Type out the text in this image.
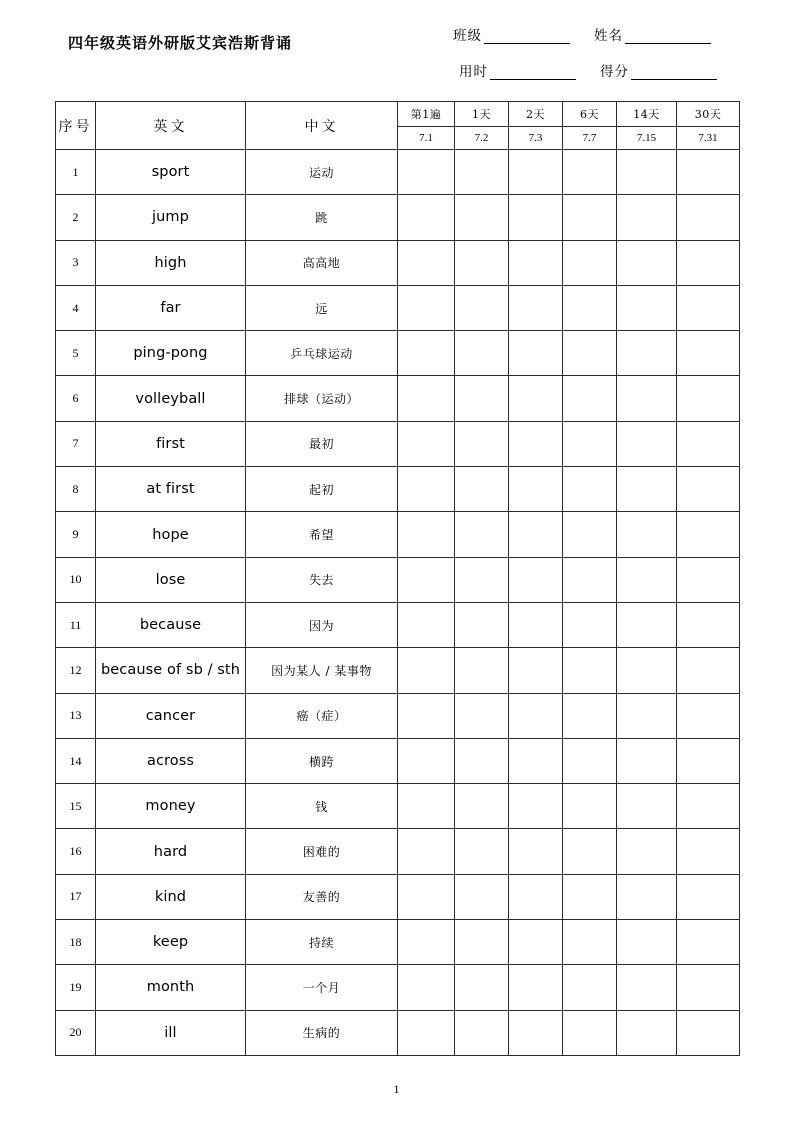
四年级英语外研版艾宾浩斯背诵	班级	姓名
用时	得分
序号	英文	中文	第1遍	1天	2天	6天	14天	30天
			7.1	7.2	7.3	7.7	7.15	7.31
1	sport	运动						
2	jump	跳						
3	high	高高地						
4	far	远						
5	ping-pong	乒乓球运动						
6	volleyball	排球（运动）						
7	first	最初						
8	at first	起初						
9	hope	希望						
10	lose	失去						
11	because	因为						
12	because of sb / sth	因为某人 / 某事物						
13	cancer	癌（症）						
14	across	横跨						
15	money	钱						
16	hard	困难的						
17	kind	友善的						
18	keep	持续						
19	month	一个月						
20	ill	生病的						
1
